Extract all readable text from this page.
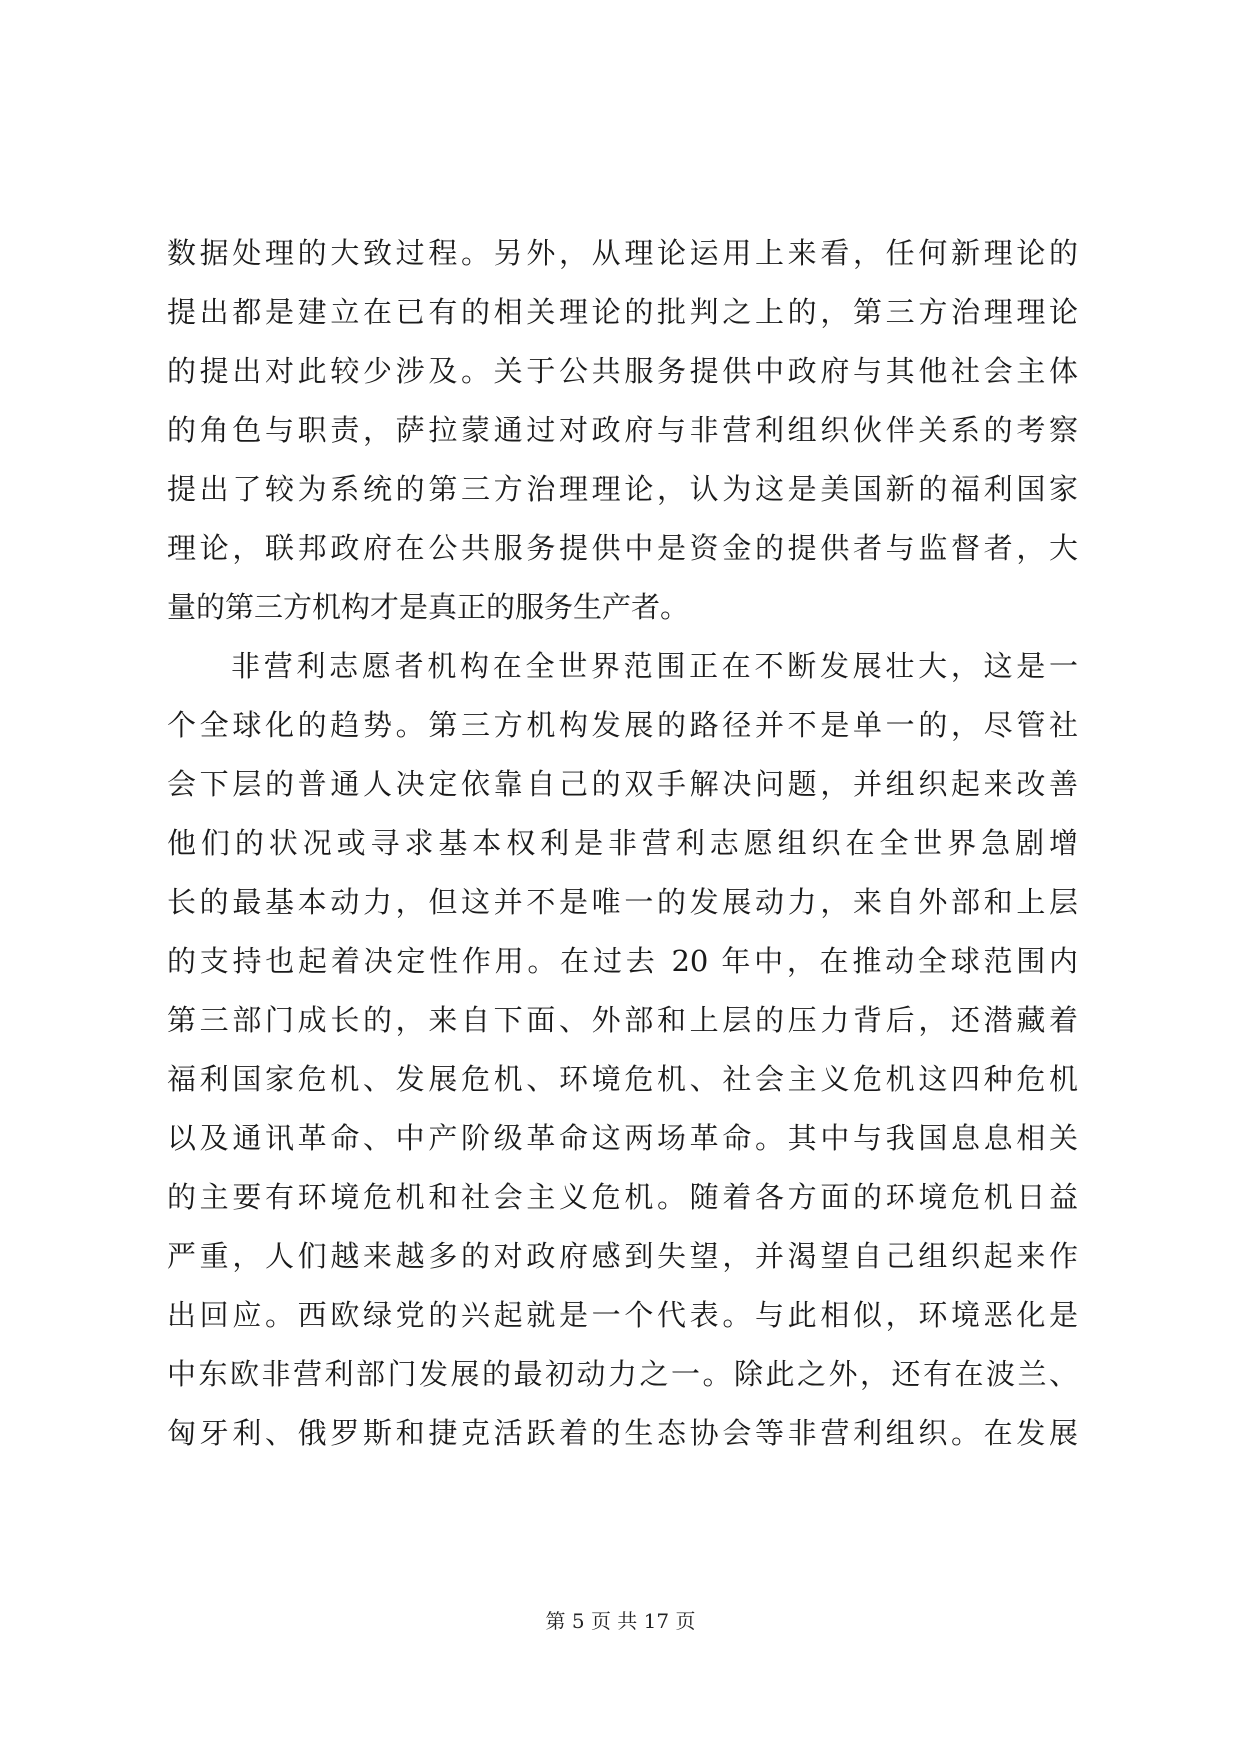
数据处理的大致过程。另外，从理论运用上来看，任何新理论的
提出都是建立在已有的相关理论的批判之上的，第三方治理理论
的提出对此较少涉及。关于公共服务提供中政府与其他社会主体
的角色与职责，萨拉蒙通过对政府与非营利组织伙伴关系的考察
提出了较为系统的第三方治理理论，认为这是美国新的福利国家
理论，联邦政府在公共服务提供中是资金的提供者与监督者，大
量的第三方机构才是真正的服务生产者。
非营利志愿者机构在全世界范围正在不断发展壮大，这是一
个全球化的趋势。第三方机构发展的路径并不是单一的，尽管社
会下层的普通人决定依靠自己的双手解决问题，并组织起来改善
他们的状况或寻求基本权利是非营利志愿组织在全世界急剧增
长的最基本动力，但这并不是唯一的发展动力，来自外部和上层
的支持也起着决定性作用。在过去 20 年中，在推动全球范围内
第三部门成长的，来自下面、外部和上层的压力背后，还潜藏着
福利国家危机、发展危机、环境危机、社会主义危机这四种危机
以及通讯革命、中产阶级革命这两场革命。其中与我国息息相关
的主要有环境危机和社会主义危机。随着各方面的环境危机日益
严重，人们越来越多的对政府感到失望，并渴望自己组织起来作
出回应。西欧绿党的兴起就是一个代表。与此相似，环境恶化是
中东欧非营利部门发展的最初动力之一。除此之外，还有在波兰、
匈牙利、俄罗斯和捷克活跃着的生态协会等非营利组织。在发展
第 5 页 共 17 页
